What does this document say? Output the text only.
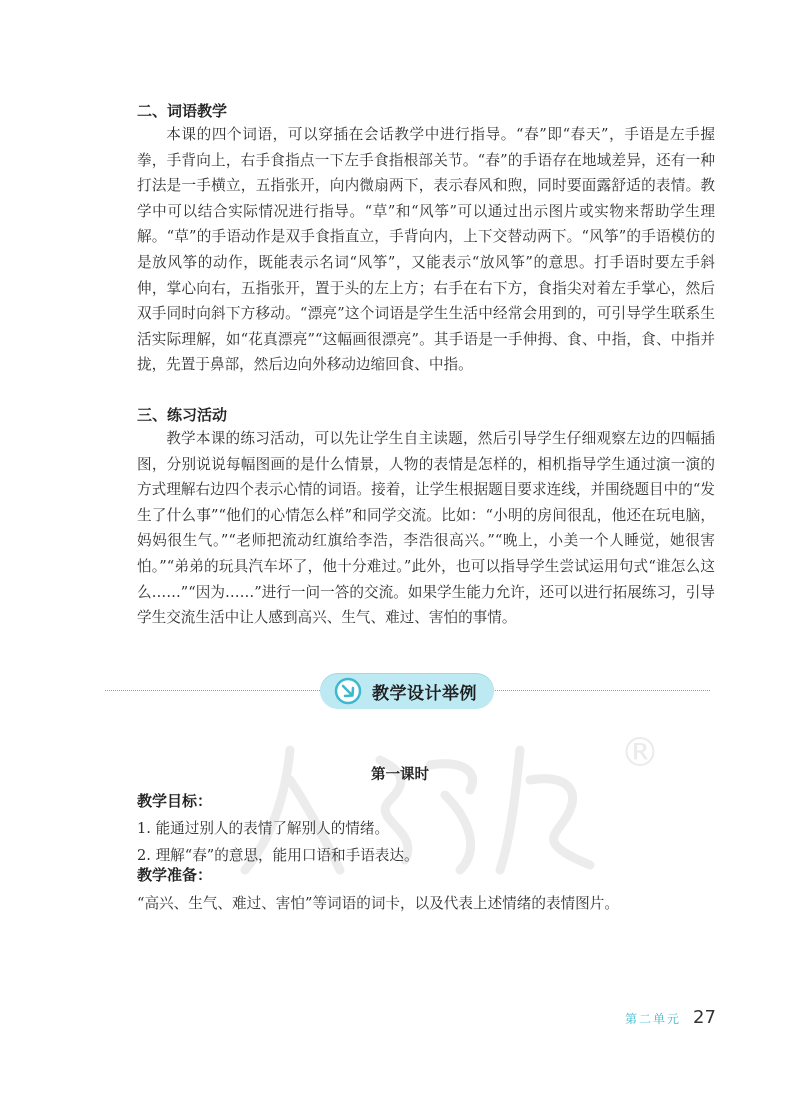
®

二、词语教学

本课的四个词语，可以穿插在会话教学中进行指导。“春”即“春天”，手语是左手握拳，手背向上，右手食指点一下左手食指根部关节。“春”的手语存在地域差异，还有一种打法是一手横立，五指张开，向内微扇两下，表示春风和煦，同时要面露舒适的表情。教学中可以结合实际情况进行指导。“草”和“风筝”可以通过出示图片或实物来帮助学生理解。“草”的手语动作是双手食指直立，手背向内，上下交替动两下。“风筝”的手语模仿的是放风筝的动作，既能表示名词“风筝”，又能表示“放风筝”的意思。打手语时要左手斜伸，掌心向右，五指张开，置于头的左上方；右手在右下方，食指尖对着左手掌心，然后双手同时向斜下方移动。“漂亮”这个词语是学生生活中经常会用到的，可引导学生联系生活实际理解，如“花真漂亮”“这幅画很漂亮”。其手语是一手伸拇、食、中指，食、中指并拢，先置于鼻部，然后边向外移动边缩回食、中指。

三、练习活动

教学本课的练习活动，可以先让学生自主读题，然后引导学生仔细观察左边的四幅插图，分别说说每幅图画的是什么情景，人物的表情是怎样的，相机指导学生通过演一演的方式理解右边四个表示心情的词语。接着，让学生根据题目要求连线，并围绕题目中的“发生了什么事”“他们的心情怎么样”和同学交流。比如：“小明的房间很乱，他还在玩电脑，妈妈很生气。”“老师把流动红旗给李浩，李浩很高兴。”“晚上，小美一个人睡觉，她很害怕。”“弟弟的玩具汽车坏了，他十分难过。”此外，也可以指导学生尝试运用句式“谁怎么这么……”“因为……”进行一问一答的交流。如果学生能力允许，还可以进行拓展练习，引导学生交流生活中让人感到高兴、生气、难过、害怕的事情。

教学设计举例
第一课时

教学目标：

1. 能通过别人的表情了解别人的情绪。

2. 理解“春”的意思，能用口语和手语表达。

教学准备：

“高兴、生气、难过、害怕”等词语的词卡，以及代表上述情绪的表情图片。

第二单元 27
